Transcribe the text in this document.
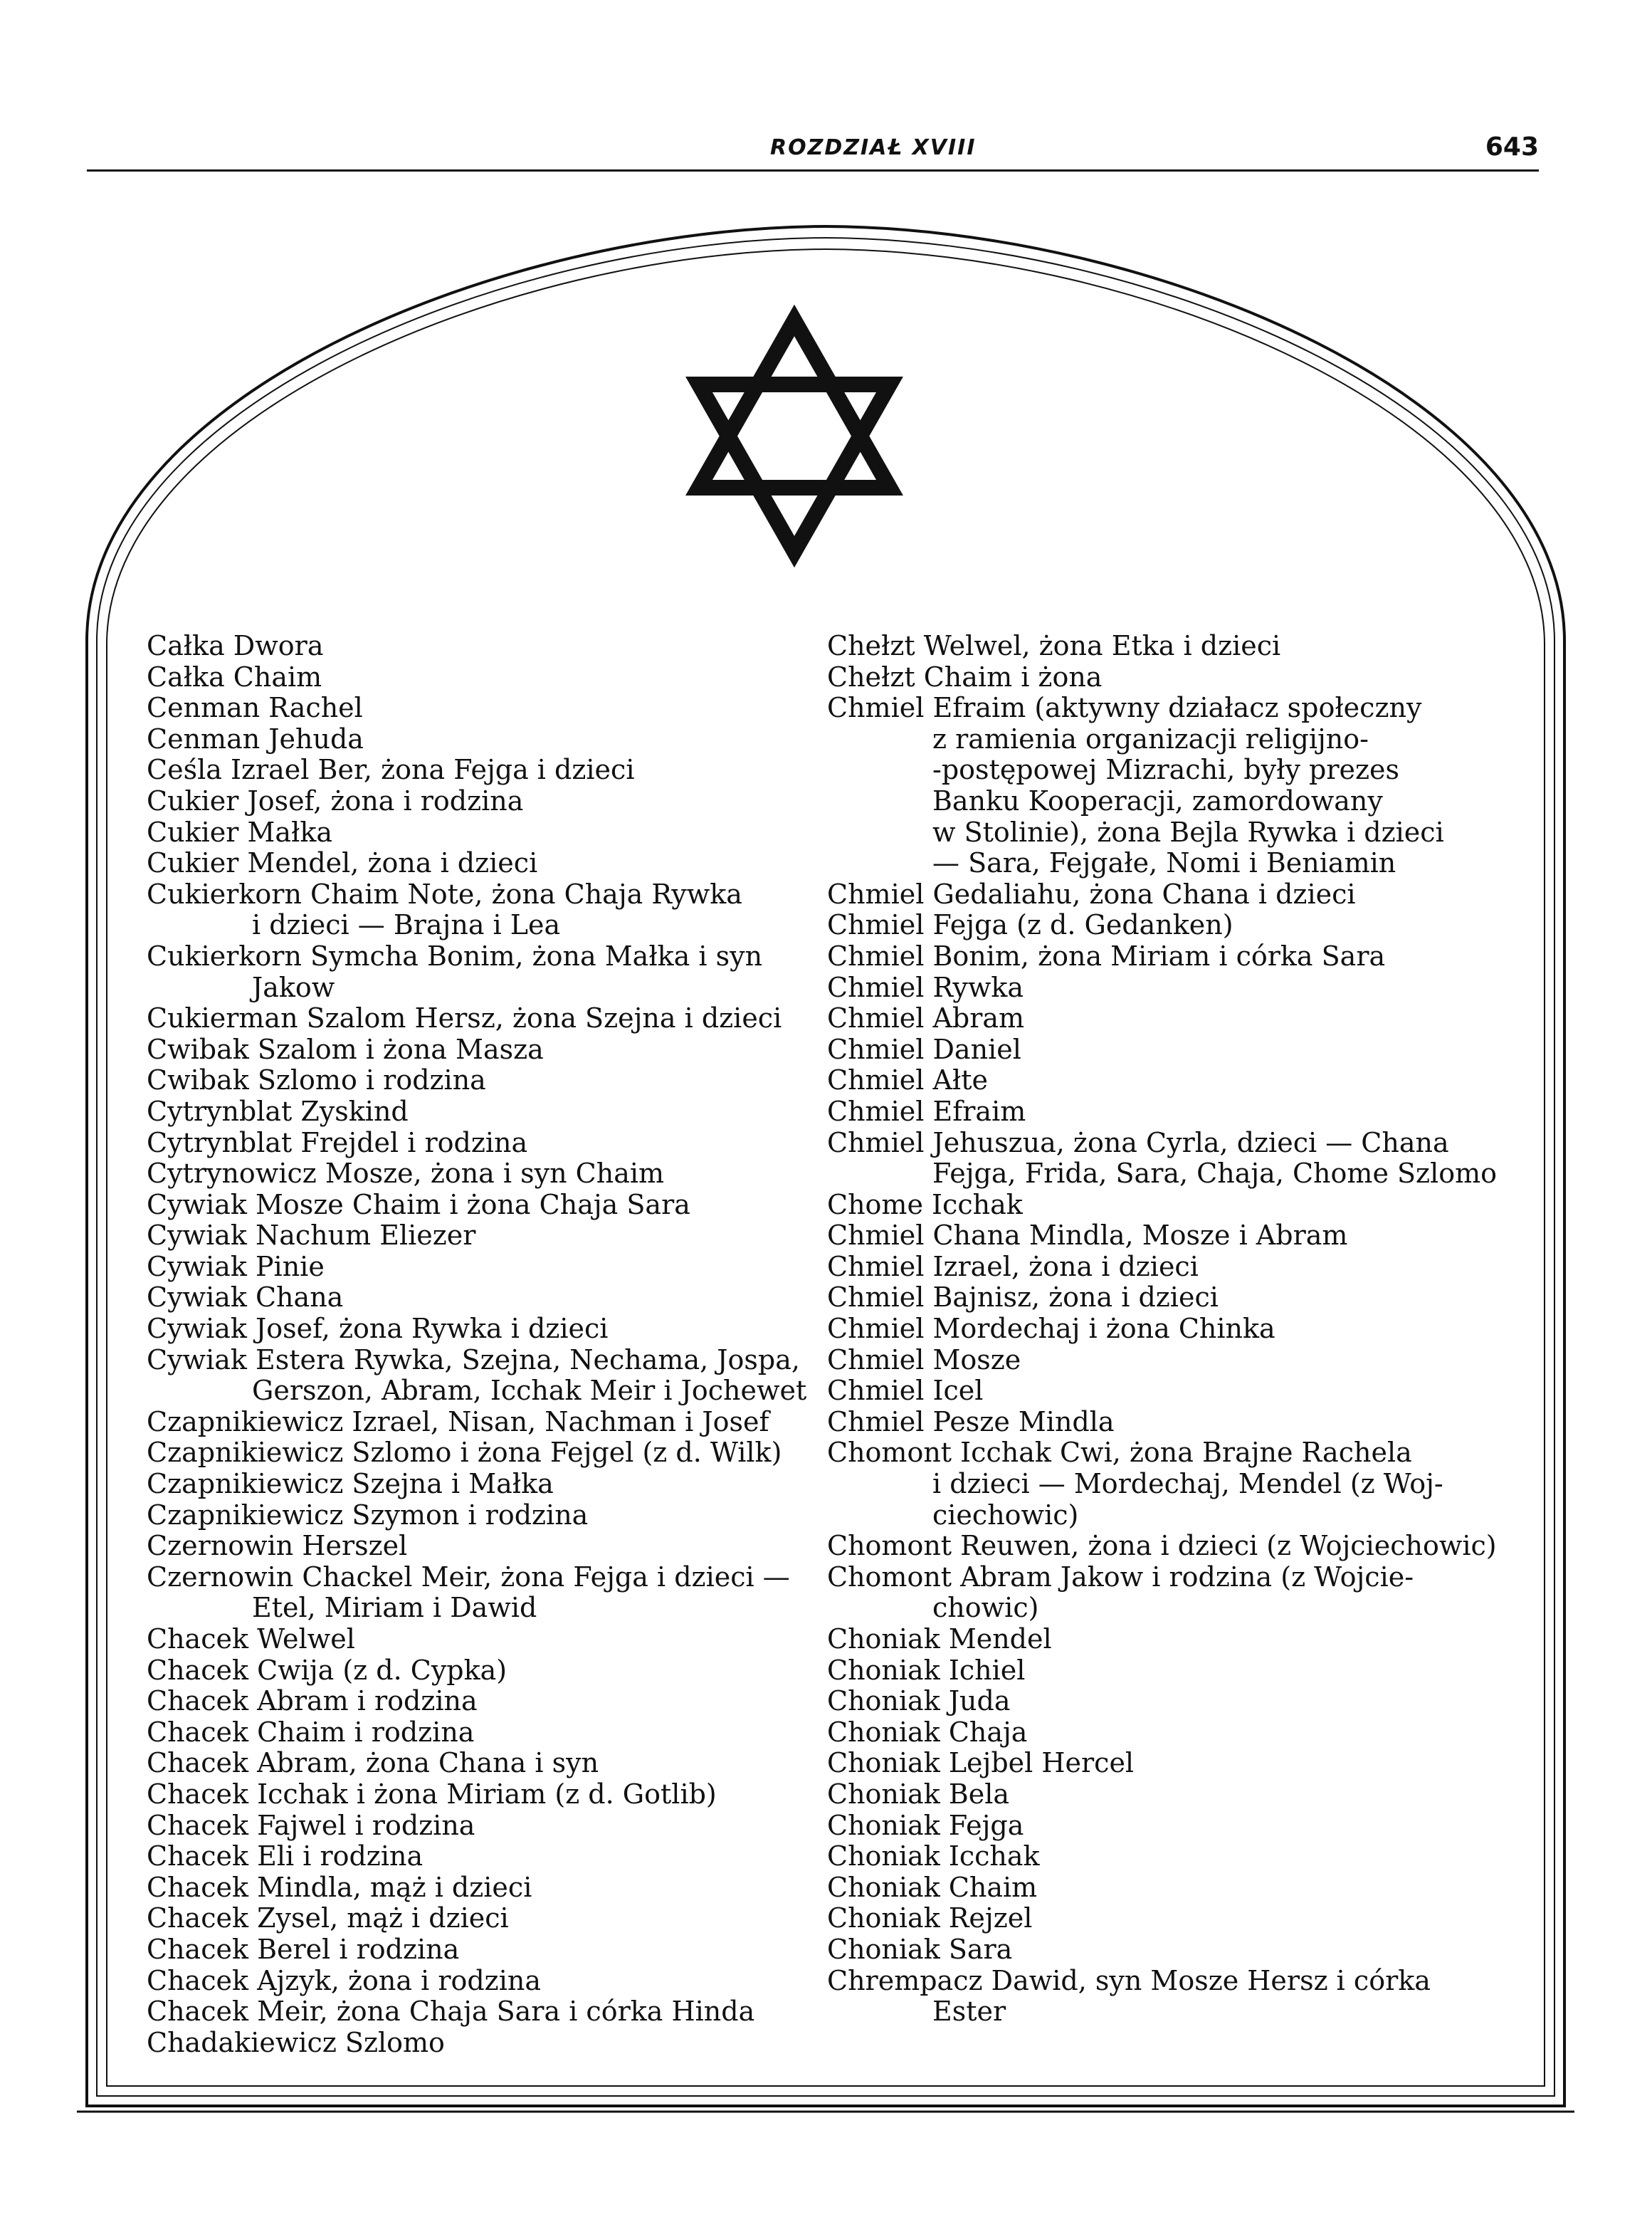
ROZDZIAŁ XVIII	643
Całka Dwora
Całka Chaim
Cenman Rachel
Cenman Jehuda
Ceśla Izrael Ber, żona Fejga i dzieci
Cukier Josef, żona i rodzina
Cukier Małka
Cukier Mendel, żona i dzieci
Cukierkorn Chaim Note, żona Chaja Rywka
i dzieci — Brajna i Lea
Cukierkorn Symcha Bonim, żona Małka i syn
Jakow
Cukierman Szalom Hersz, żona Szejna i dzieci
Cwibak Szalom i żona Masza
Cwibak Szlomo i rodzina
Cytrynblat Zyskind
Cytrynblat Frejdel i rodzina
Cytrynowicz Mosze, żona i syn Chaim
Cywiak Mosze Chaim i żona Chaja Sara
Cywiak Nachum Eliezer
Cywiak Pinie
Cywiak Chana
Cywiak Josef, żona Rywka i dzieci
Cywiak Estera Rywka, Szejna, Nechama, Jospa,
Gerszon, Abram, Icchak Meir i Jochewet
Czapnikiewicz Izrael, Nisan, Nachman i Josef
Czapnikiewicz Szlomo i żona Fejgel (z d. Wilk)
Czapnikiewicz Szejna i Małka
Czapnikiewicz Szymon i rodzina
Czernowin Herszel
Czernowin Chackel Meir, żona Fejga i dzieci —
Etel, Miriam i Dawid
Chacek Welwel
Chacek Cwija (z d. Cypka)
Chacek Abram i rodzina
Chacek Chaim i rodzina
Chacek Abram, żona Chana i syn
Chacek Icchak i żona Miriam (z d. Gotlib)
Chacek Fajwel i rodzina
Chacek Eli i rodzina
Chacek Mindla, mąż i dzieci
Chacek Zysel, mąż i dzieci
Chacek Berel i rodzina
Chacek Ajzyk, żona i rodzina
Chacek Meir, żona Chaja Sara i córka Hinda
Chadakiewicz Szlomo
Chełzt Welwel, żona Etka i dzieci
Chełzt Chaim i żona
Chmiel Efraim (aktywny działacz społeczny
z ramienia organizacji religijno-
-postępowej Mizrachi, były prezes
Banku Kooperacji, zamordowany
w Stolinie), żona Bejla Rywka i dzieci
— Sara, Fejgałe, Nomi i Beniamin
Chmiel Gedaliahu, żona Chana i dzieci
Chmiel Fejga (z d. Gedanken)
Chmiel Bonim, żona Miriam i córka Sara
Chmiel Rywka
Chmiel Abram
Chmiel Daniel
Chmiel Ałte
Chmiel Efraim
Chmiel Jehuszua, żona Cyrla, dzieci — Chana
Fejga, Frida, Sara, Chaja, Chome Szlomo
Chome Icchak
Chmiel Chana Mindla, Mosze i Abram
Chmiel Izrael, żona i dzieci
Chmiel Bajnisz, żona i dzieci
Chmiel Mordechaj i żona Chinka
Chmiel Mosze
Chmiel Icel
Chmiel Pesze Mindla
Chomont Icchak Cwi, żona Brajne Rachela
i dzieci — Mordechaj, Mendel (z Woj-
ciechowic)
Chomont Reuwen, żona i dzieci (z Wojciechowic)
Chomont Abram Jakow i rodzina (z Wojcie-
chowic)
Choniak Mendel
Choniak Ichiel
Choniak Juda
Choniak Chaja
Choniak Lejbel Hercel
Choniak Bela
Choniak Fejga
Choniak Icchak
Choniak Chaim
Choniak Rejzel
Choniak Sara
Chrempacz Dawid, syn Mosze Hersz i córka
Ester
